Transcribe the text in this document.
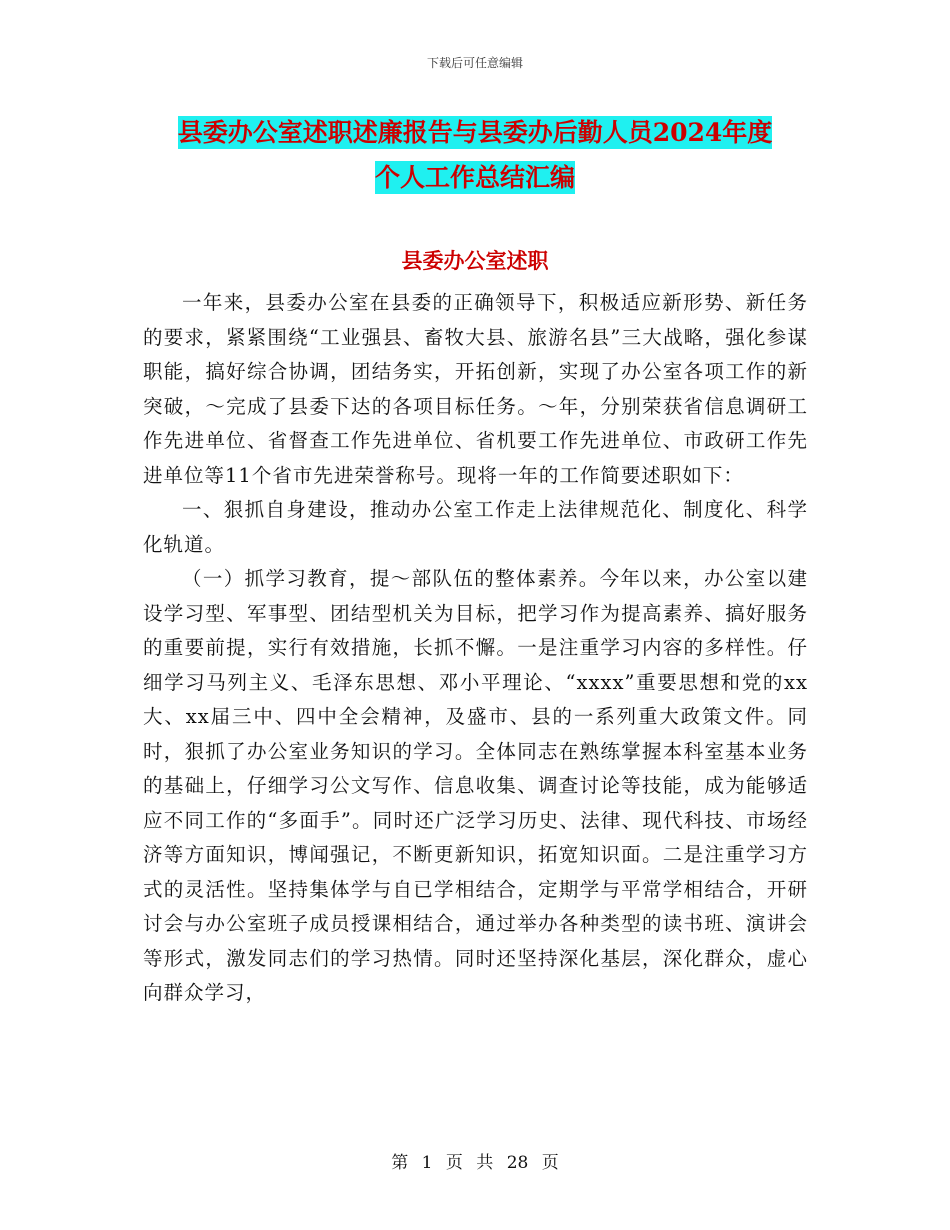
下载后可任意编辑
县委办公室述职述廉报告与县委办后勤人员2024年度
个人工作总结汇编
县委办公室述职

一年来，县委办公室在县委的正确领导下，积极适应新形势、新任务的要求，紧紧围绕“工业强县、畜牧大县、旅游名县”三大战略，强化参谋职能，搞好综合协调，团结务实，开拓创新，实现了办公室各项工作的新突破，～完成了县委下达的各项目标任务。～年，分别荣获省信息调研工作先进单位、省督查工作先进单位、省机要工作先进单位、市政研工作先进单位等11个省市先进荣誉称号。现将一年的工作简要述职如下：

一、狠抓自身建设，推动办公室工作走上法律规范化、制度化、科学化轨道。

（一）抓学习教育，提～部队伍的整体素养。今年以来，办公室以建设学习型、军事型、团结型机关为目标，把学习作为提高素养、搞好服务的重要前提，实行有效措施，长抓不懈。一是注重学习内容的多样性。仔细学习马列主义、毛泽东思想、邓小平理论、“xxxx”重要思想和党的xx大、xx届三中、四中全会精神，及盛市、县的一系列重大政策文件。同时，狠抓了办公室业务知识的学习。全体同志在熟练掌握本科室基本业务的基础上，仔细学习公文写作、信息收集、调查讨论等技能，成为能够适应不同工作的“多面手”。同时还广泛学习历史、法律、现代科技、市场经济等方面知识，博闻强记，不断更新知识，拓宽知识面。二是注重学习方式的灵活性。坚持集体学与自已学相结合，定期学与平常学相结合，开研讨会与办公室班子成员授课相结合，通过举办各种类型的读书班、演讲会等形式，激发同志们的学习热情。同时还坚持深化基层，深化群众，虚心向群众学习，

第 1 页 共 28 页
